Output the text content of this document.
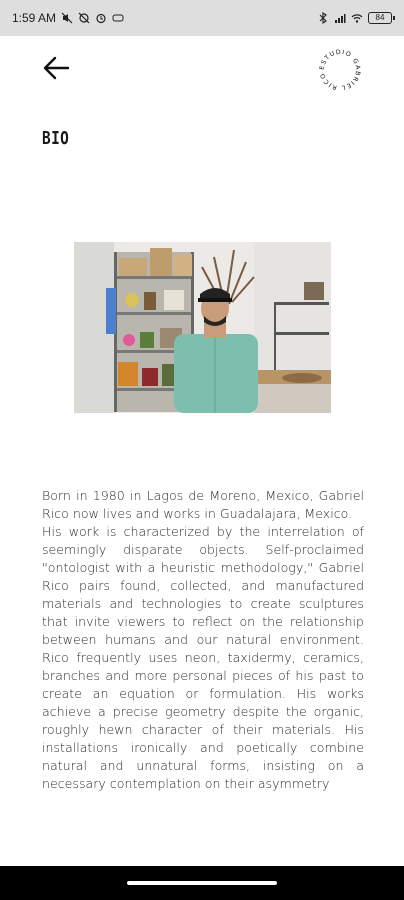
1:59 AM	84
ESTUDIO GABRIEL RICO
BIO

Born in 1980 in Lagos de Moreno, Mexico, Gabriel Rico now lives and works in Guadalajara, Mexico.

His work is characterized by the interrelation of seemingly disparate objects. Self-proclaimed "ontologist with a heuristic methodology," Gabriel Rico pairs found, collected, and manufactured materials and technologies to create sculptures that invite viewers to reflect on the relationship between humans and our natural environment. Rico frequently uses neon, taxidermy, ceramics, branches and more personal pieces of his past to create an equation or formulation. His works achieve a precise geometry despite the organic, roughly hewn character of their materials. His installations ironically and poetically combine natural and unnatural forms, insisting on a necessary contemplation on their asymmetry
